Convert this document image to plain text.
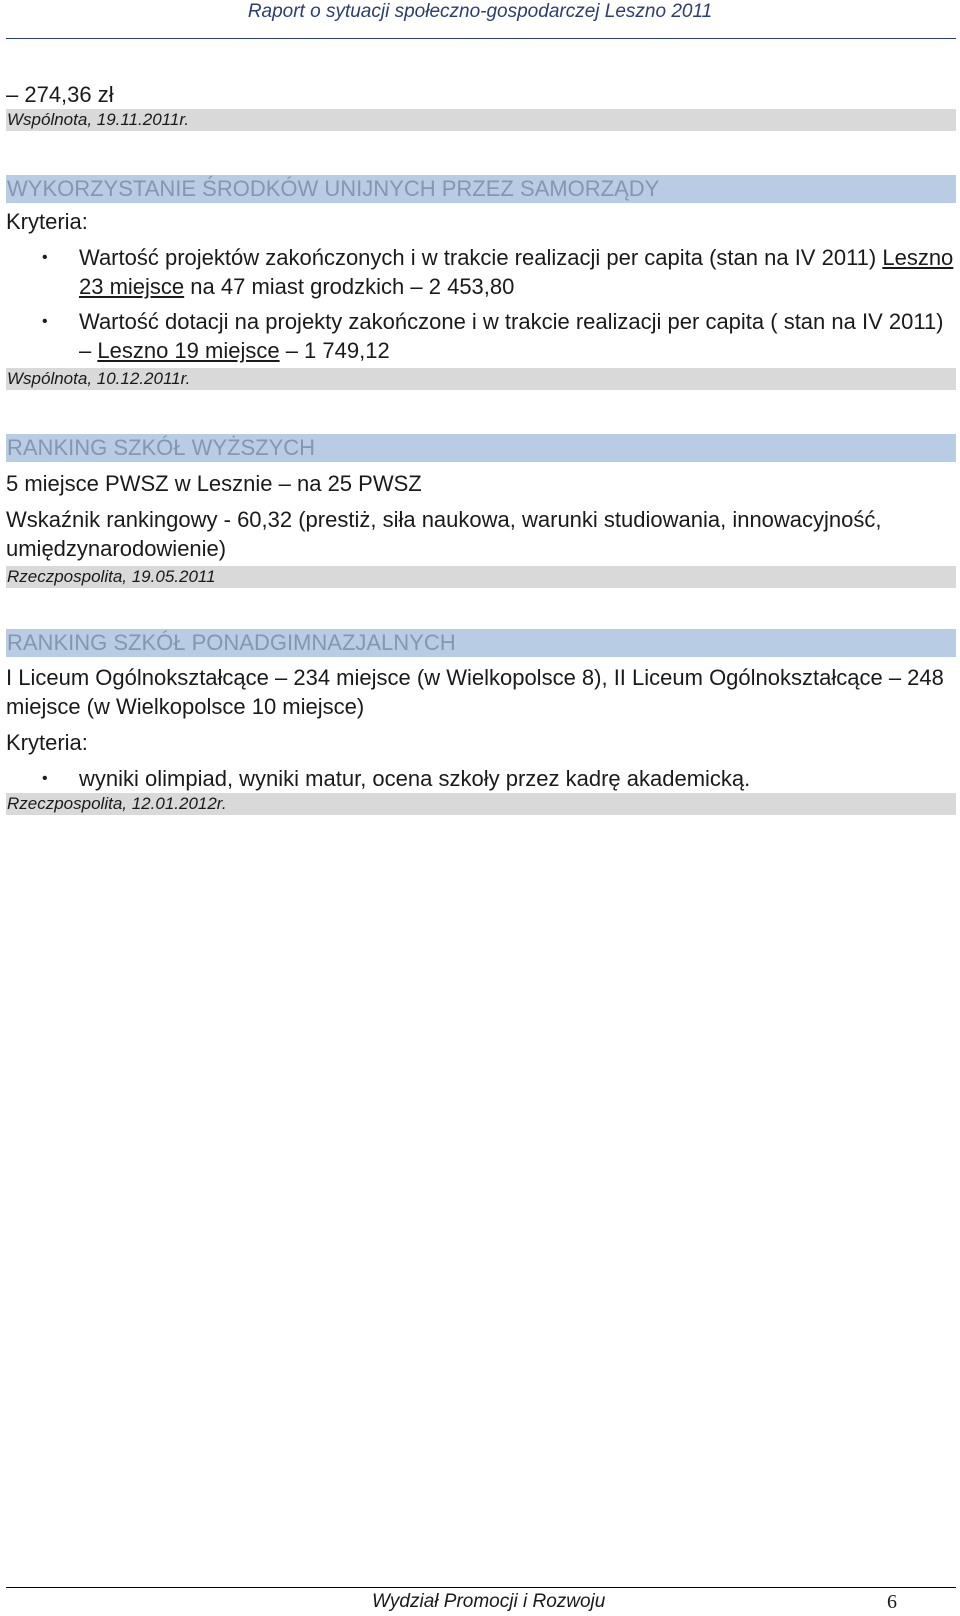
Raport o sytuacji społeczno-gospodarczej Leszno 2011

– 274,36 zł

Wspólnota, 19.11.2011r.

WYKORZYSTANIE ŚRODKÓW UNIJNYCH PRZEZ SAMORZĄDY

Kryteria:

• Wartość projektów zakończonych i w trakcie realizacji per capita (stan na IV 2011) Leszno 23 miejsce na 47 miast grodzkich – 2 453,80
• Wartość dotacji na projekty zakończone i w trakcie realizacji per capita ( stan na IV 2011) – Leszno 19 miejsce – 1 749,12

Wspólnota, 10.12.2011r.

RANKING SZKÓŁ WYŻSZYCH

5 miejsce PWSZ w Lesznie – na 25 PWSZ

Wskaźnik rankingowy - 60,32 (prestiż, siła naukowa, warunki studiowania, innowacyjność, umiędzynarodowienie)

Rzeczpospolita, 19.05.2011

RANKING SZKÓŁ PONADGIMNAZJALNYCH

I Liceum Ogólnokształcące – 234 miejsce (w Wielkopolsce 8), II Liceum Ogólnokształcące – 248 miejsce (w Wielkopolsce 10 miejsce)

Kryteria:

• wyniki olimpiad, wyniki matur, ocena szkoły przez kadrę akademicką.

Rzeczpospolita, 12.01.2012r.

Wydział Promocji i Rozwoju	6
